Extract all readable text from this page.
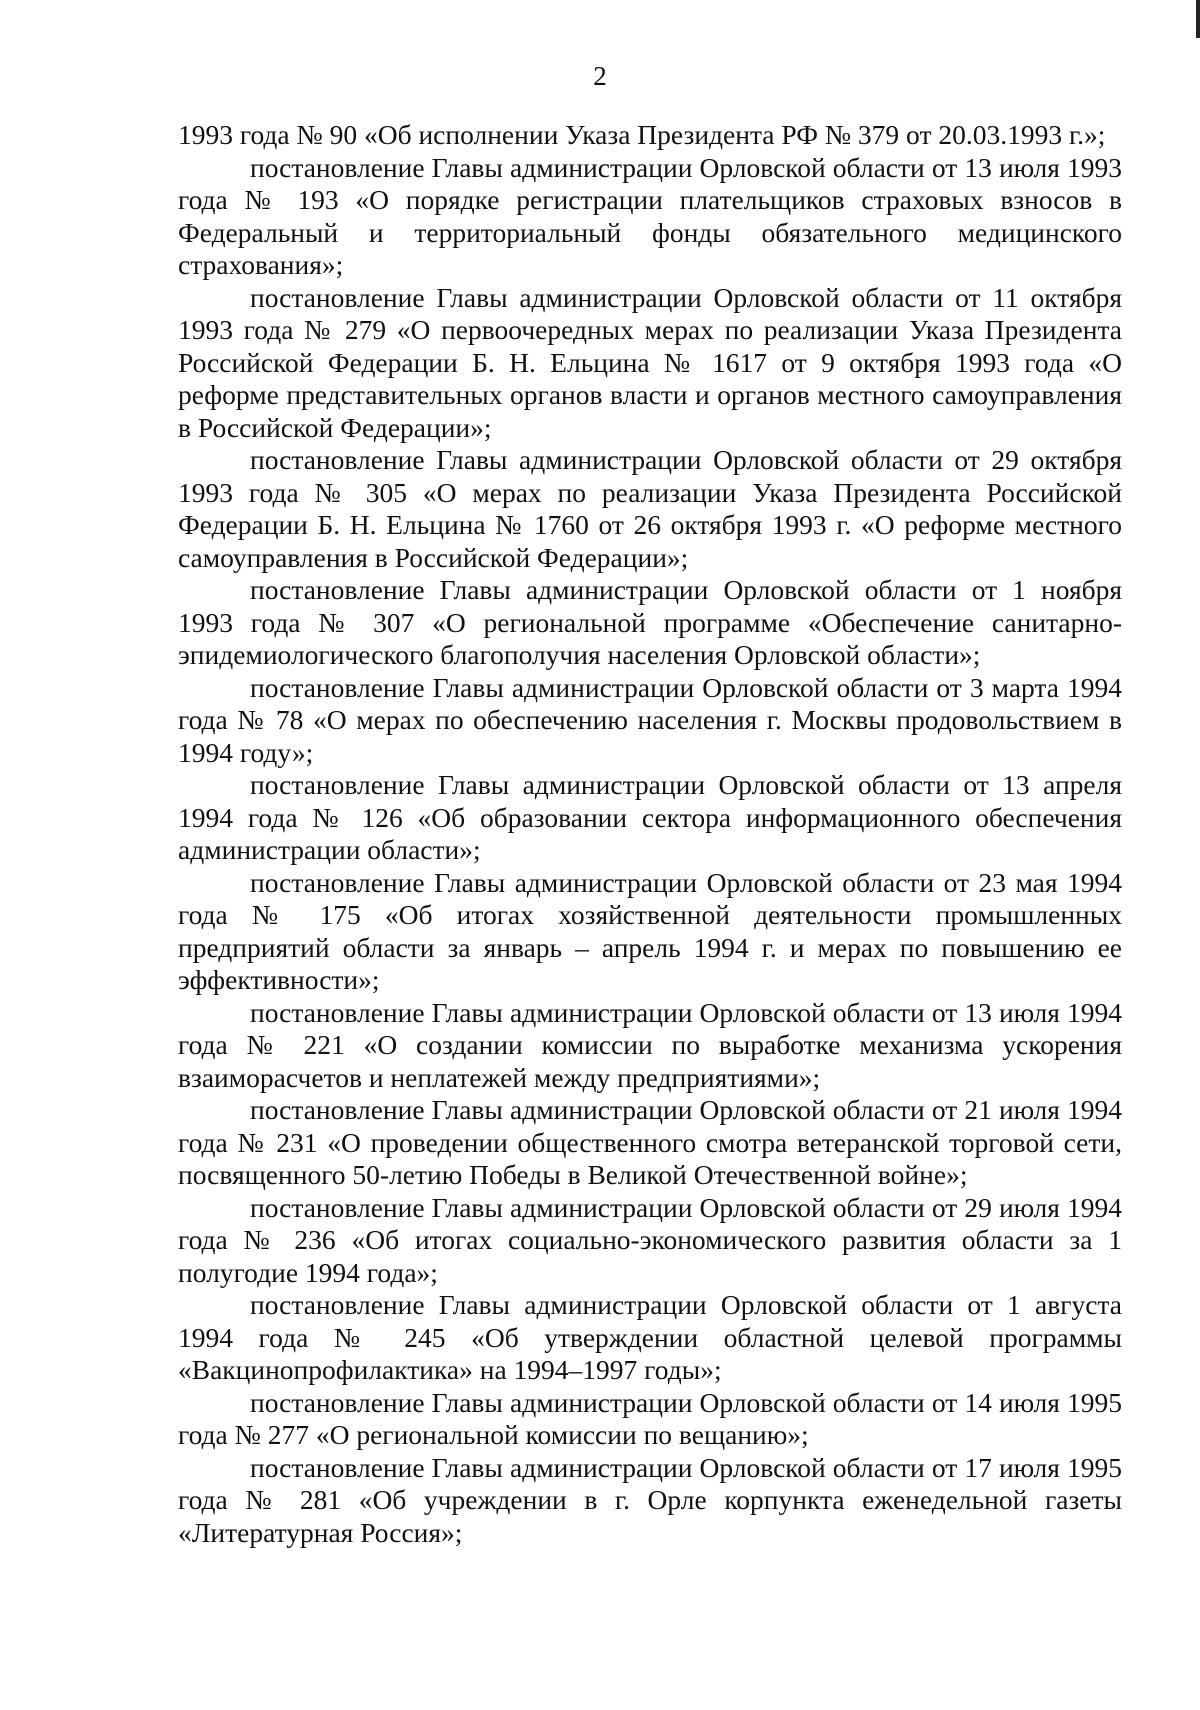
2

1993 года № 90 «Об исполнении Указа Президента РФ № 379 от 20.03.1993 г.»;

постановление Главы администрации Орловской области от 13 июля 1993 года № 193 «О порядке регистрации плательщиков страховых взносов в Федеральный и территориальный фонды обязательного медицинского страхования»;

постановление Главы администрации Орловской области от 11 октября 1993 года № 279 «О первоочередных мерах по реализации Указа Президента Российской Федерации Б. Н. Ельцина № 1617 от 9 октября 1993 года «О реформе представительных органов власти и органов местного самоуправления в Российской Федерации»;

постановление Главы администрации Орловской области от 29 октября 1993 года № 305 «О мерах по реализации Указа Президента Российской Федерации Б. Н. Ельцина № 1760 от 26 октября 1993 г. «О реформе местного самоуправления в Российской Федерации»;

постановление Главы администрации Орловской области от 1 ноября 1993 года № 307 «О региональной программе «Обеспечение санитарно-эпидемиологического благополучия населения Орловской области»;

постановление Главы администрации Орловской области от 3 марта 1994 года № 78 «О мерах по обеспечению населения г. Москвы продовольствием в 1994 году»;

постановление Главы администрации Орловской области от 13 апреля 1994 года № 126 «Об образовании сектора информационного обеспечения администрации области»;

постановление Главы администрации Орловской области от 23 мая 1994 года № 175 «Об итогах хозяйственной деятельности промышленных предприятий области за январь – апрель 1994 г. и мерах по повышению ее эффективности»;

постановление Главы администрации Орловской области от 13 июля 1994 года № 221 «О создании комиссии по выработке механизма ускорения взаиморасчетов и неплатежей между предприятиями»;

постановление Главы администрации Орловской области от 21 июля 1994 года № 231 «О проведении общественного смотра ветеранской торговой сети, посвященного 50-летию Победы в Великой Отечественной войне»;

постановление Главы администрации Орловской области от 29 июля 1994 года № 236 «Об итогах социально-экономического развития области за 1 полугодие 1994 года»;

постановление Главы администрации Орловской области от 1 августа 1994 года № 245 «Об утверждении областной целевой программы «Вакцинопрофилактика» на 1994–1997 годы»;

постановление Главы администрации Орловской области от 14 июля 1995 года № 277 «О региональной комиссии по вещанию»;

постановление Главы администрации Орловской области от 17 июля 1995 года № 281 «Об учреждении в г. Орле корпункта еженедельной газеты «Литературная Россия»;
